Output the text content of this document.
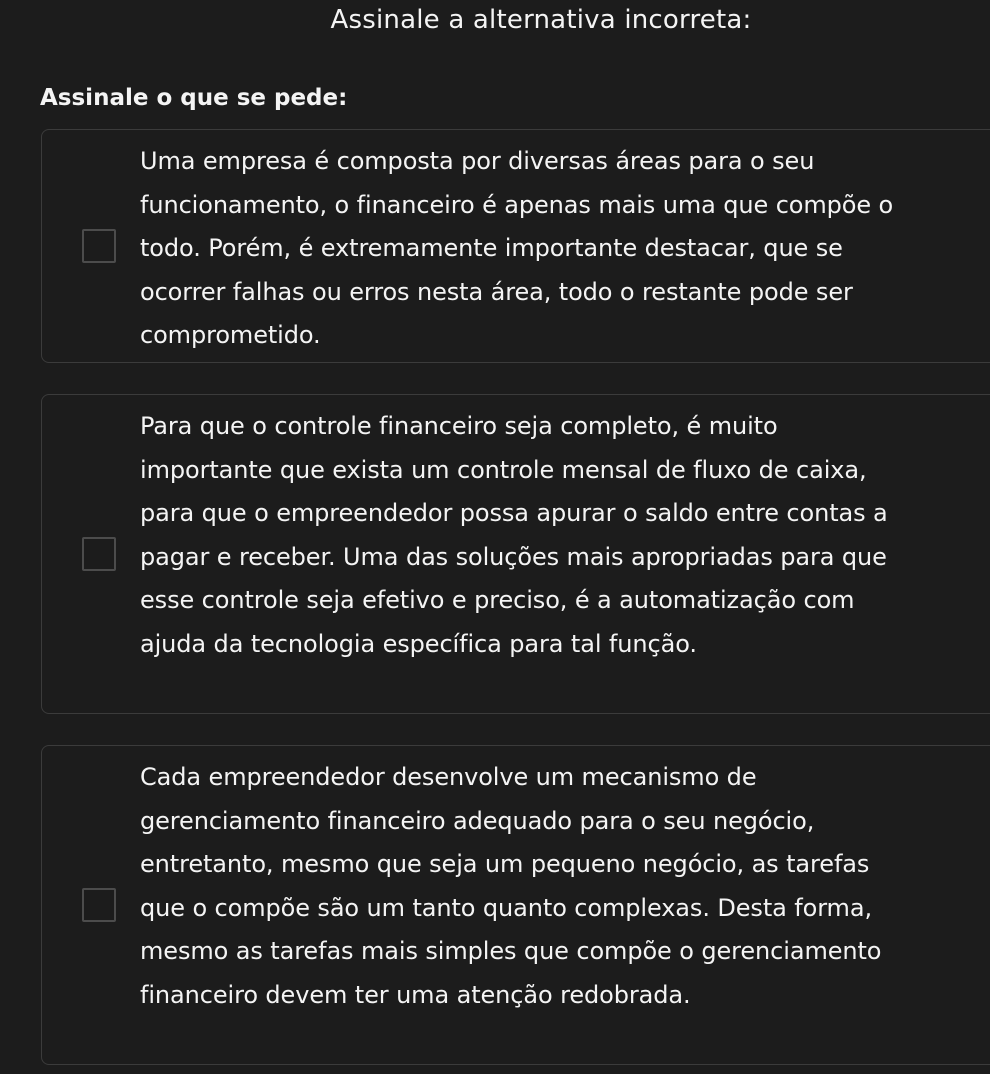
Assinale a alternativa incorreta:
Assinale o que se pede:
Uma empresa é composta por diversas áreas para o seu funcionamento, o financeiro é apenas mais uma que compõe o todo. Porém, é extremamente importante destacar, que se ocorrer falhas ou erros nesta área, todo o restante pode ser comprometido.
Para que o controle financeiro seja completo, é muito importante que exista um controle mensal de fluxo de caixa, para que o empreendedor possa apurar o saldo entre contas a pagar e receber. Uma das soluções mais apropriadas para que esse controle seja efetivo e preciso, é a automatização com ajuda da tecnologia específica para tal função.
Cada empreendedor desenvolve um mecanismo de gerenciamento financeiro adequado para o seu negócio, entretanto, mesmo que seja um pequeno negócio, as tarefas que o compõe são um tanto quanto complexas. Desta forma, mesmo as tarefas mais simples que compõe o gerenciamento financeiro devem ter uma atenção redobrada.
